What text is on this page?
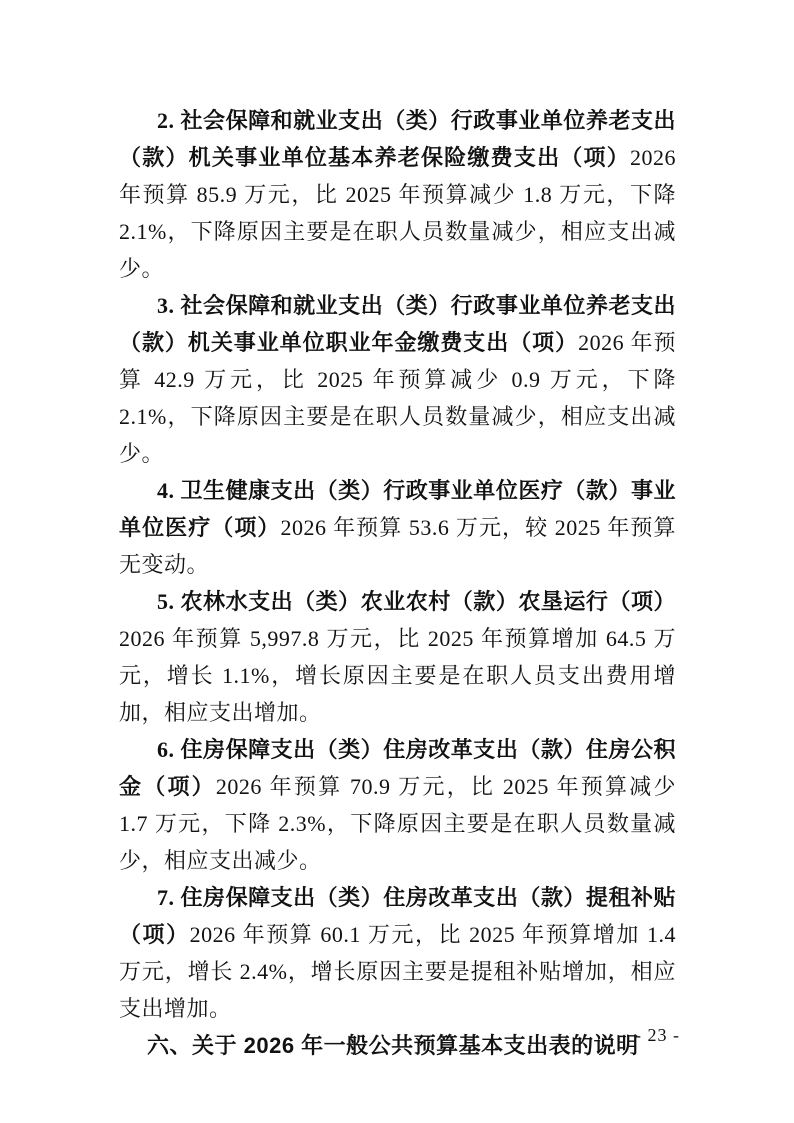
2. 社会保障和就业支出（类）行政事业单位养老支出（款）机关事业单位基本养老保险缴费支出（项）2026 年预算 85.9 万元，比 2025 年预算减少 1.8 万元，下降 2.1%，下降原因主要是在职人员数量减少，相应支出减少。

3. 社会保障和就业支出（类）行政事业单位养老支出（款）机关事业单位职业年金缴费支出（项）2026 年预算 42.9 万元，比 2025 年预算减少 0.9 万元，下降 2.1%，下降原因主要是在职人员数量减少，相应支出减少。

4. 卫生健康支出（类）行政事业单位医疗（款）事业单位医疗（项）2026 年预算 53.6 万元，较 2025 年预算无变动。

5. 农林水支出（类）农业农村（款）农垦运行（项）2026 年预算 5,997.8 万元，比 2025 年预算增加 64.5 万元，增长 1.1%，增长原因主要是在职人员支出费用增加，相应支出增加。

6. 住房保障支出（类）住房改革支出（款）住房公积金（项）2026 年预算 70.9 万元，比 2025 年预算减少 1.7 万元，下降 2.3%，下降原因主要是在职人员数量减少，相应支出减少。

7. 住房保障支出（类）住房改革支出（款）提租补贴（项）2026 年预算 60.1 万元，比 2025 年预算增加 1.4 万元，增长 2.4%，增长原因主要是提租补贴增加，相应支出增加。

六、关于 2026 年一般公共预算基本支出表的说明

- 23 -
